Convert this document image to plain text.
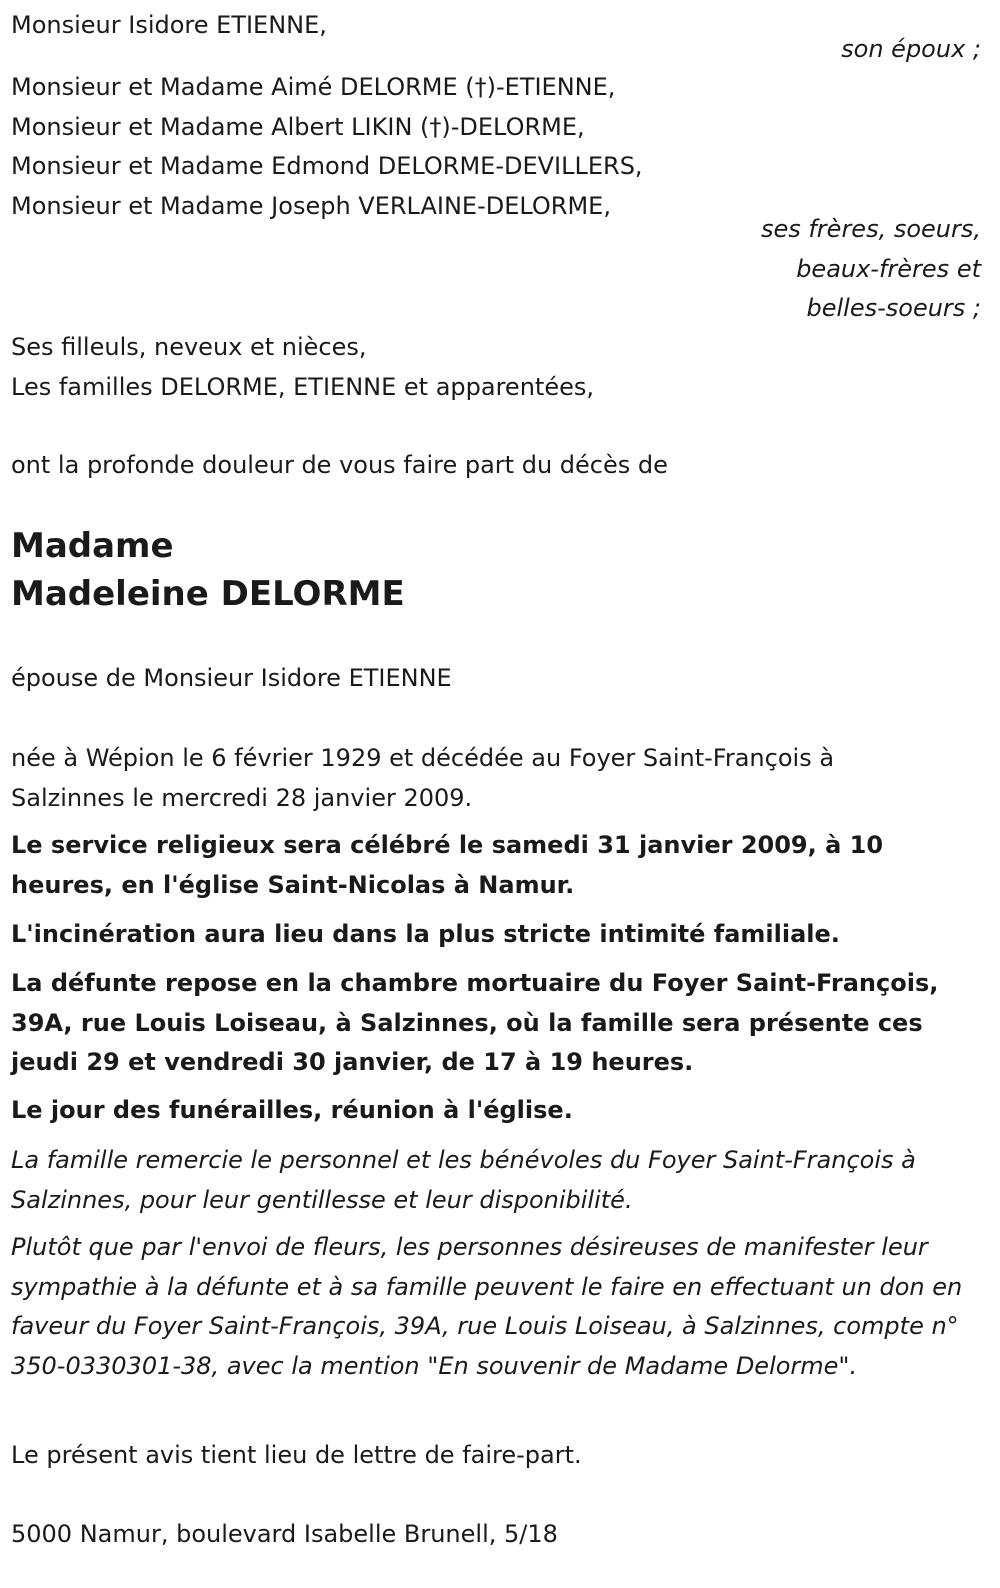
Monsieur Isidore ETIENNE,
son époux ;
Monsieur et Madame Aimé DELORME (†)-ETIENNE,
Monsieur et Madame Albert LIKIN (†)-DELORME,
Monsieur et Madame Edmond DELORME-DEVILLERS,
Monsieur et Madame Joseph VERLAINE-DELORME,
ses frères, soeurs,
beaux-frères et
belles-soeurs ;
Ses filleuls, neveux et nièces,
Les familles DELORME, ETIENNE et apparentées,
ont la profonde douleur de vous faire part du décès de
Madame
Madeleine DELORME
épouse de Monsieur Isidore ETIENNE
née à Wépion le 6 février 1929 et décédée au Foyer Saint-François à Salzinnes le mercredi 28 janvier 2009.
Le service religieux sera célébré le samedi 31 janvier 2009, à 10 heures, en l'église Saint-Nicolas à Namur.
L'incinération aura lieu dans la plus stricte intimité familiale.
La défunte repose en la chambre mortuaire du Foyer Saint-François, 39A, rue Louis Loiseau, à Salzinnes, où la famille sera présente ces jeudi 29 et vendredi 30 janvier, de 17 à 19 heures.
Le jour des funérailles, réunion à l'église.
La famille remercie le personnel et les bénévoles du Foyer Saint-François à Salzinnes, pour leur gentillesse et leur disponibilité.
Plutôt que par l'envoi de fleurs, les personnes désireuses de manifester leur sympathie à la défunte et à sa famille peuvent le faire en effectuant un don en faveur du Foyer Saint-François, 39A, rue Louis Loiseau, à Salzinnes, compte n° 350-0330301-38, avec la mention "En souvenir de Madame Delorme".
Le présent avis tient lieu de lettre de faire-part.
5000 Namur, boulevard Isabelle Brunell, 5/18
